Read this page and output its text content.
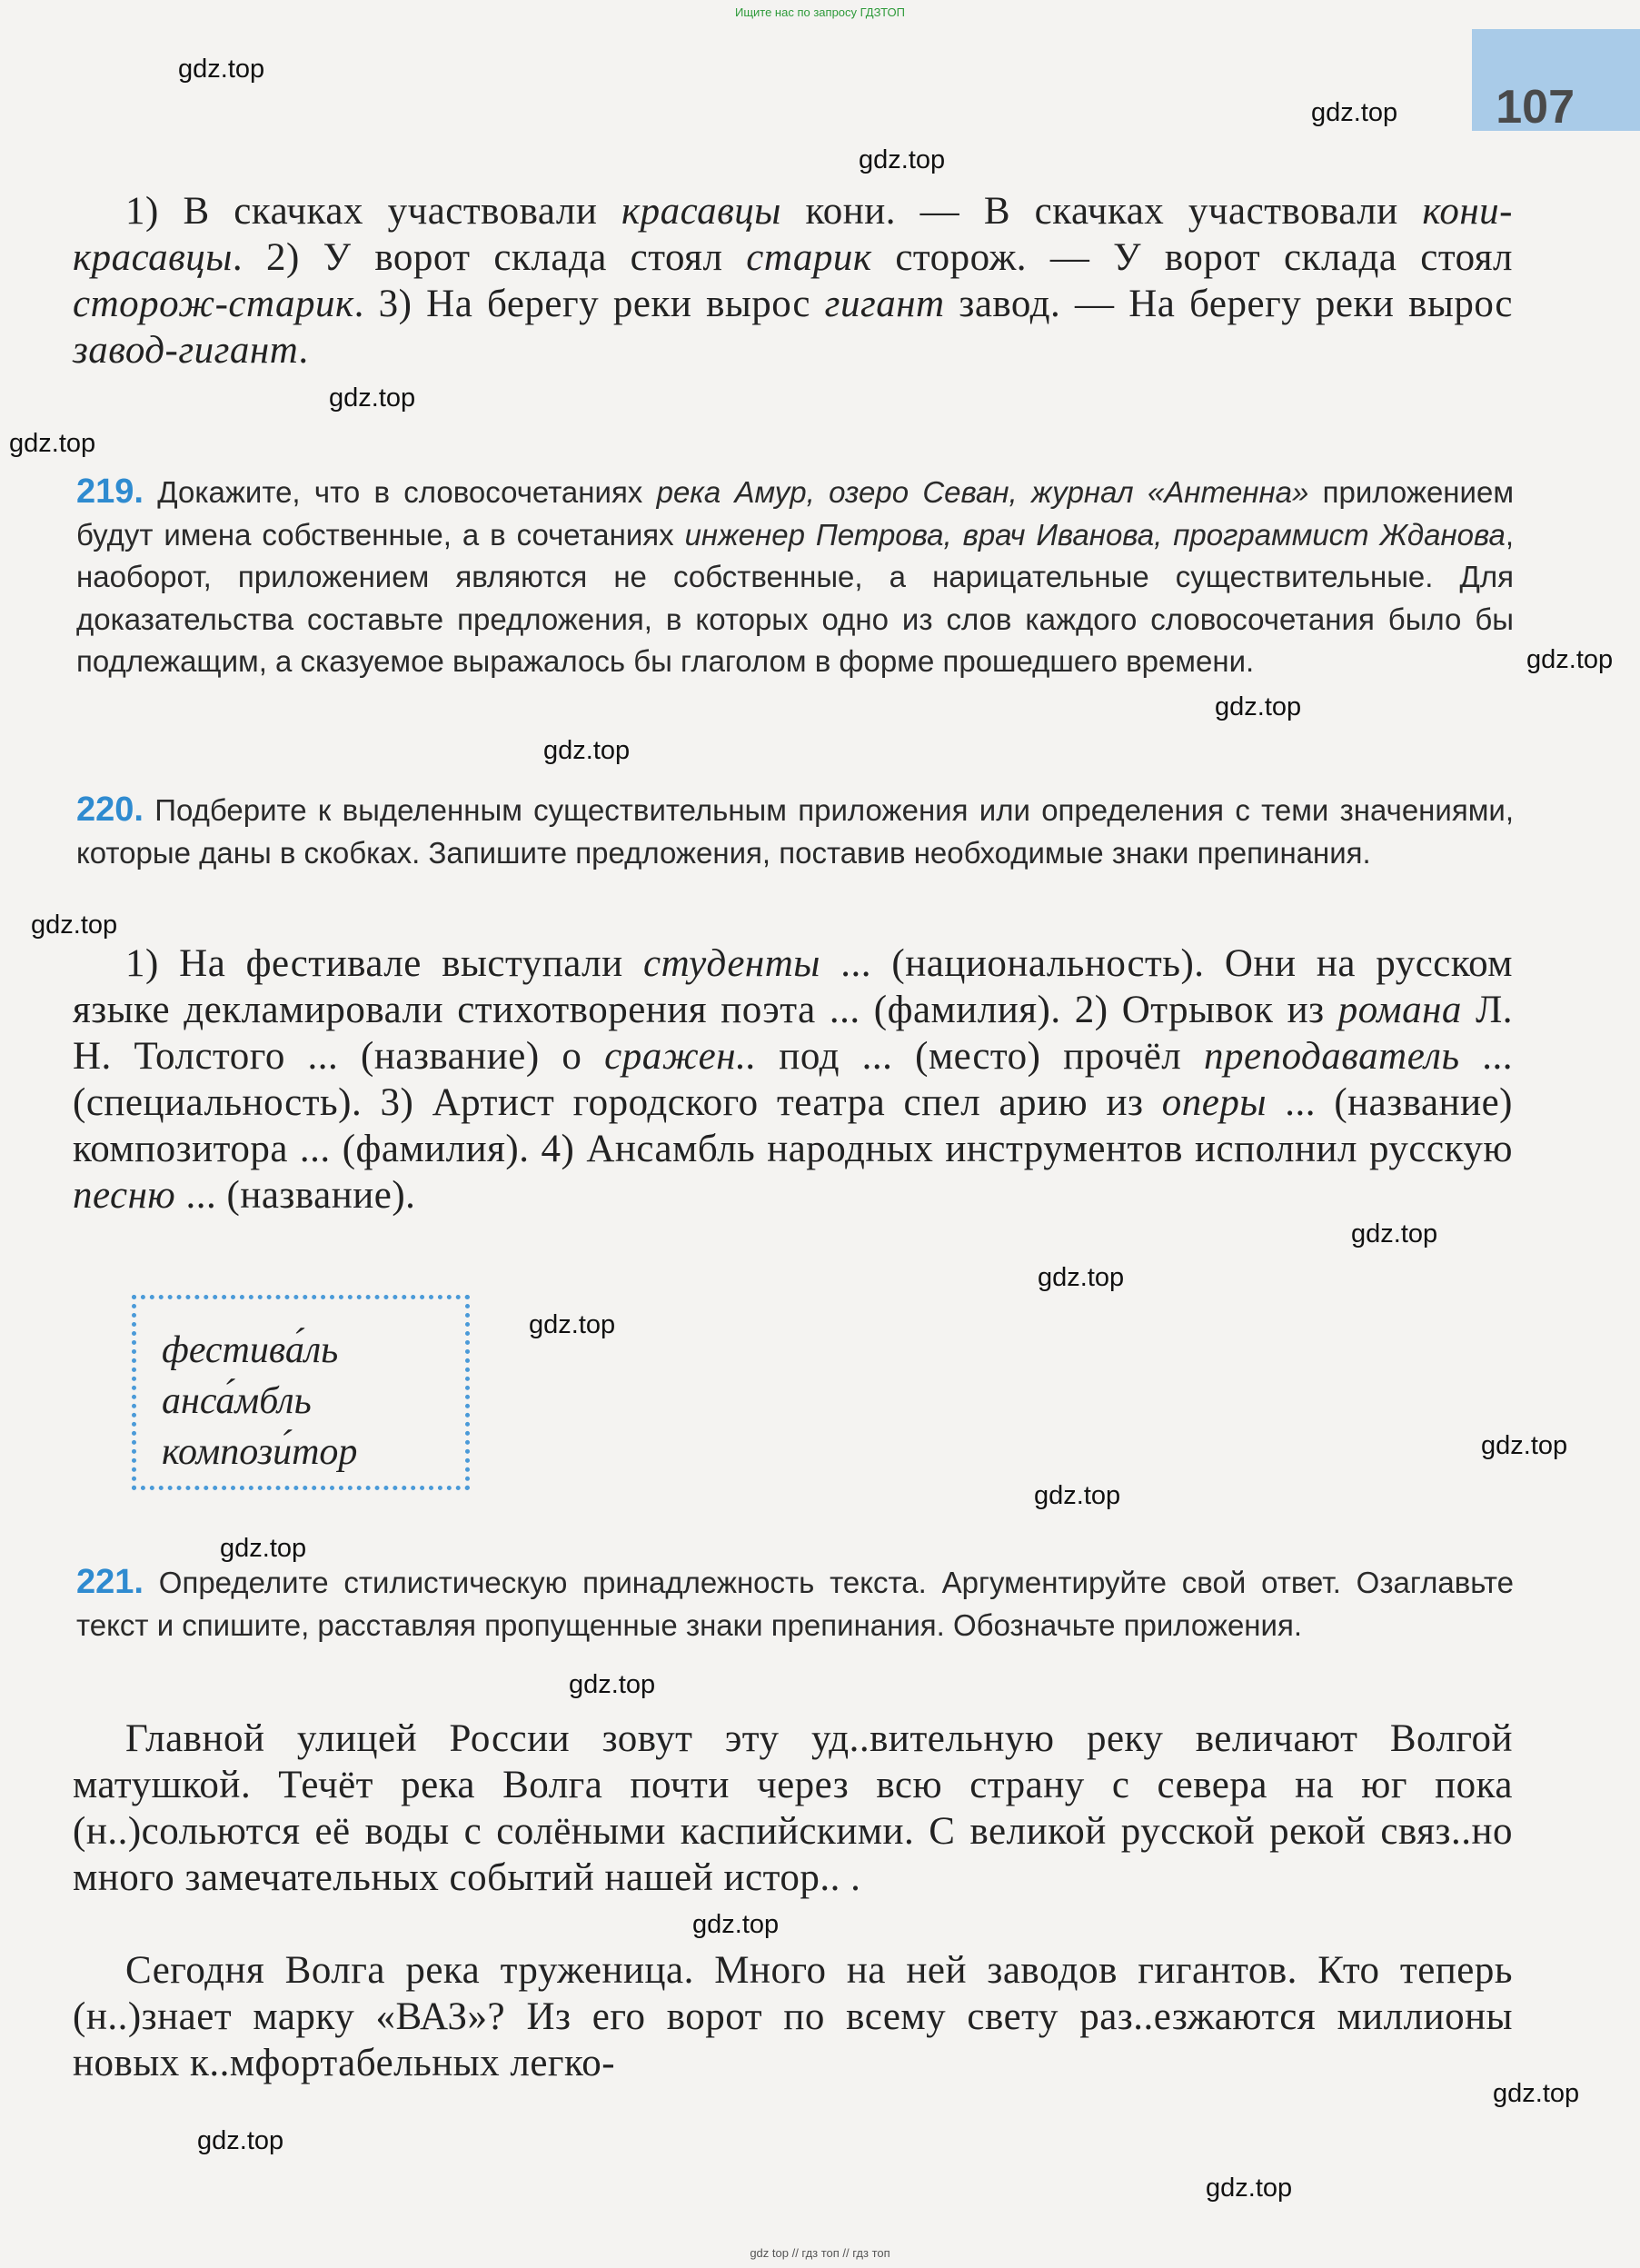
Ищите нас по запросу ГДЗТОП
107
gdz.top
gdz.top
gdz.top
gdz.top
gdz.top
gdz.top
gdz.top
gdz.top
gdz.top
gdz.top
gdz.top
gdz.top
gdz.top
gdz.top
gdz.top
gdz.top
gdz.top
gdz.top
gdz.top
gdz.top
1) В скачках участвовали красавцы кони. — В скачках участвовали кони-красавцы. 2) У ворот склада стоял старик сторож. — У ворот склада стоял сторож-старик. 3) На берегу реки вырос гигант завод. — На берегу реки вырос завод-гигант.
219. Докажите, что в словосочетаниях река Амур, озеро Севан, журнал «Антенна» приложением будут имена собственные, а в сочетаниях инженер Петрова, врач Иванова, программист Жданова, наоборот, приложением являются не собственные, а нарицательные существительные. Для доказательства составьте предложения, в которых одно из слов каждого словосочетания было бы подлежащим, а сказуемое выражалось бы глаголом в форме прошедшего времени.
220. Подберите к выделенным существительным приложения или определения с теми значениями, которые даны в скобках. Запишите предложения, поставив необходимые знаки препинания.
1) На фестивале выступали студенты ... (национальность). Они на русском языке декламировали стихотворения поэта ... (фамилия). 2) Отрывок из романа Л. Н. Толстого ... (название) о сражен.. под ... (место) прочёл преподаватель ... (специальность). 3) Артист городского театра спел арию из оперы ... (название) композитора ... (фамилия). 4) Ансамбль народных инструментов исполнил русскую песню ... (название).
фестива́ль
анса́мбль
компози́тор
221. Определите стилистическую принадлежность текста. Аргументируйте свой ответ. Озаглавьте текст и спишите, расставляя пропущенные знаки препинания. Обозначьте приложения.
Главной улицей России зовут эту уд..вительную реку величают Волгой матушкой. Течёт река Волга почти через всю страну с севера на юг пока (н..)сольются её воды с солёными каспийскими. С великой русской рекой связ..но много замечательных событий нашей истор.. .
Сегодня Волга река труженица. Много на ней заводов гигантов. Кто теперь (н..)знает марку «ВАЗ»? Из его ворот по всему свету раз..езжаются миллионы новых к..мфортабельных легко-
gdz top // гдз топ // гдз топ
